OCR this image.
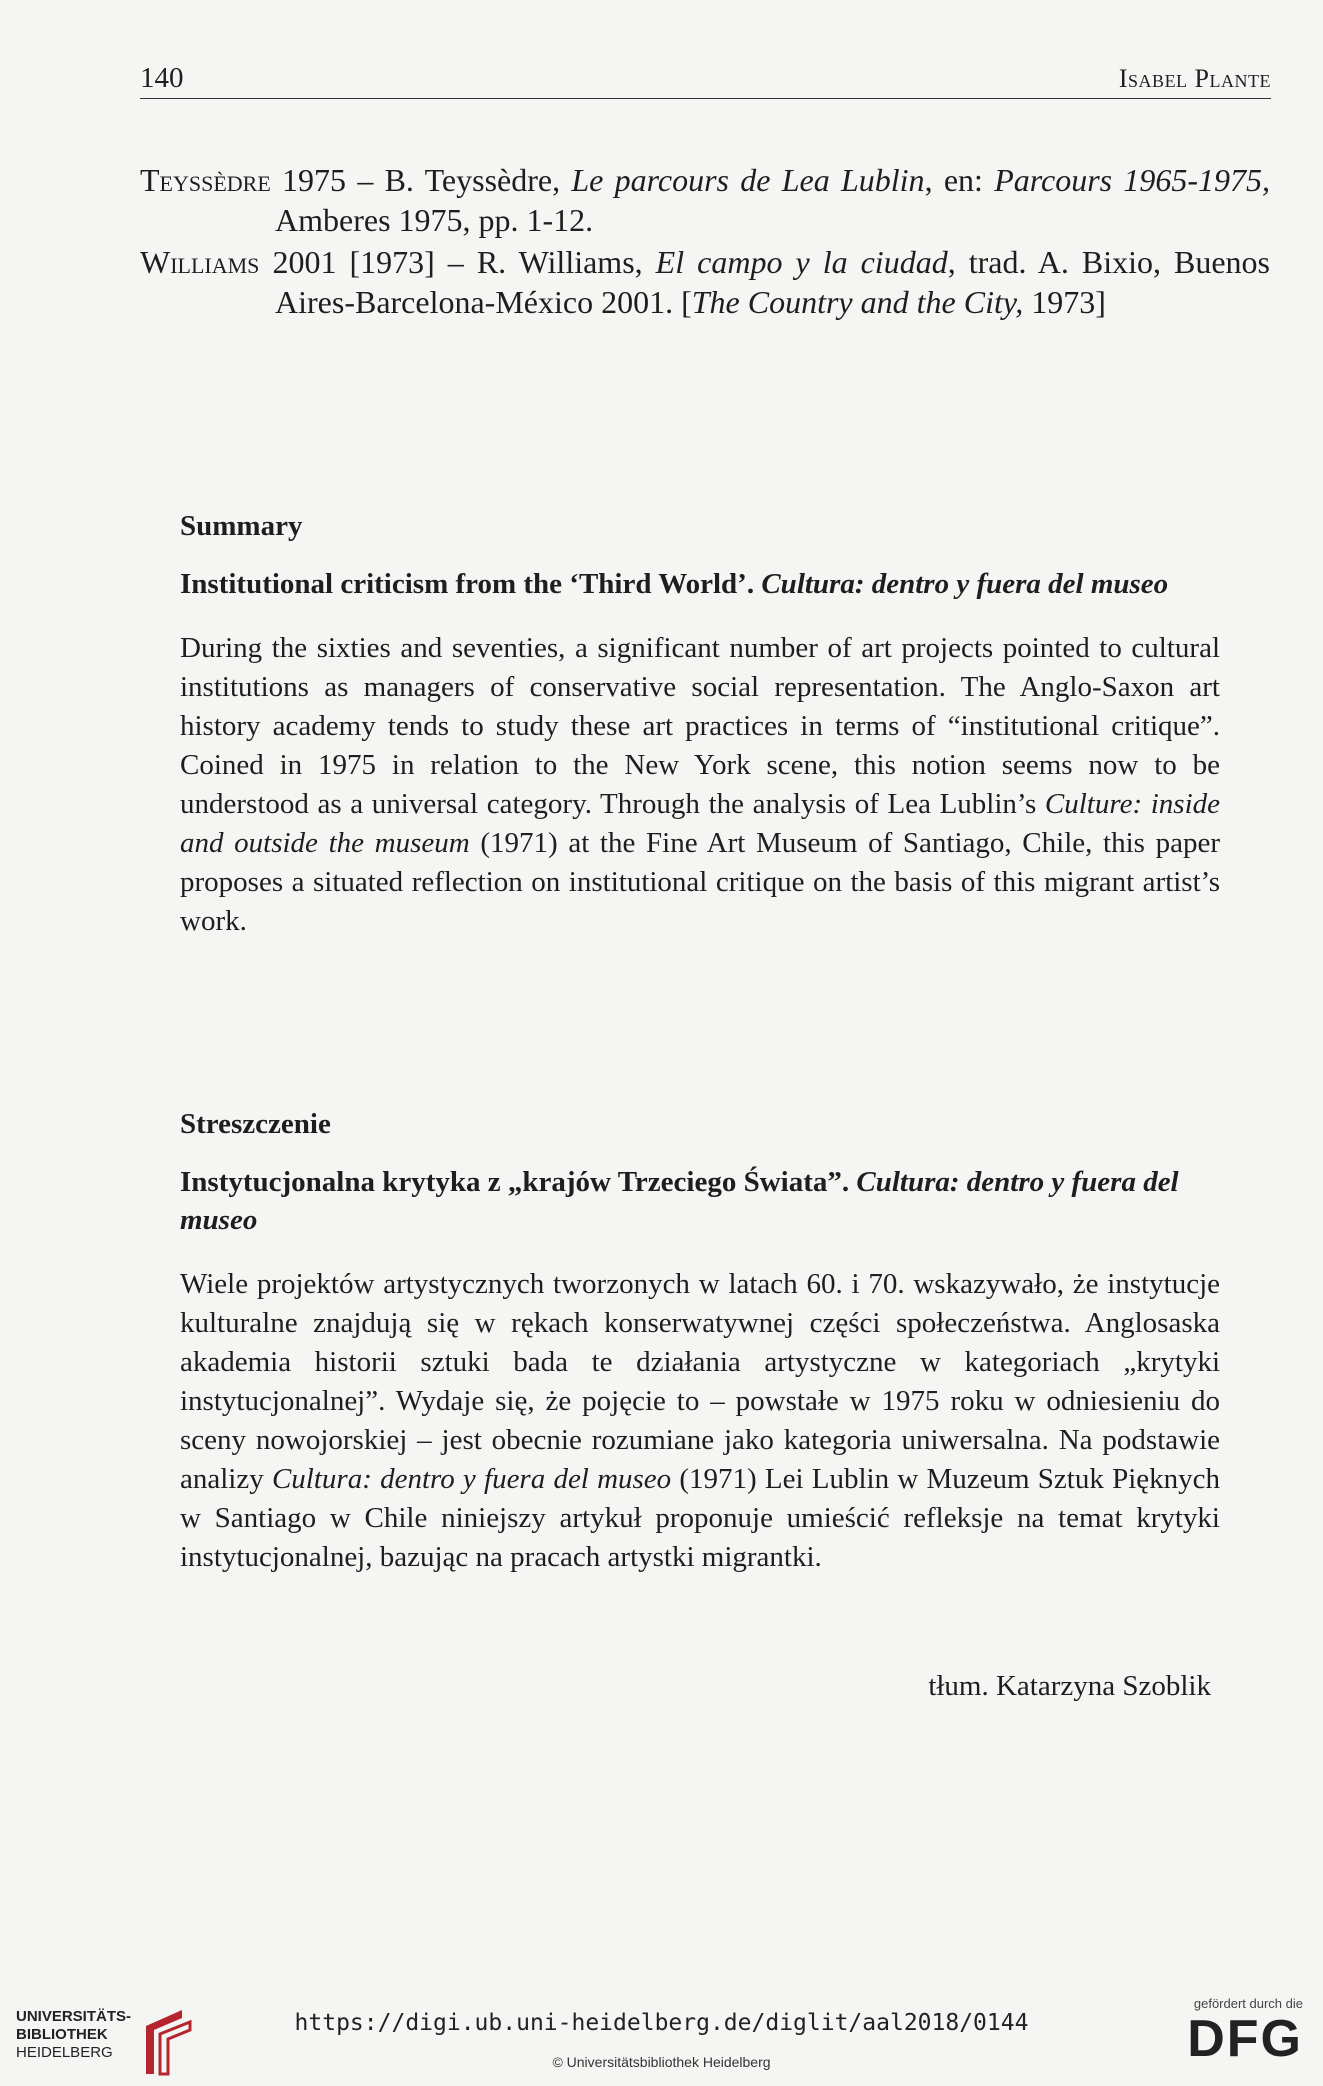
140	Isabel Plante

Teyssèdre 1975 – B. Teyssèdre, Le parcours de Lea Lublin, en: Parcours 1965-1975, Amberes 1975, pp. 1-12.

Williams 2001 [1973] – R. Williams, El campo y la ciudad, trad. A. Bixio, Buenos Aires-Barcelona-México 2001. [The Country and the City, 1973]

Summary
Institutional criticism from the ‘Third World’. Cultura: dentro y fuera del museo

During the sixties and seventies, a significant number of art projects pointed to cultural institutions as managers of conservative social representation. The Anglo-Saxon art history academy tends to study these art practices in terms of “institutional critique”. Coined in 1975 in relation to the New York scene, this notion seems now to be understood as a universal category. Through the analysis of Lea Lublin’s Culture: inside and outside the museum (1971) at the Fine Art Museum of Santiago, Chile, this paper proposes a situated reflection on institutional critique on the basis of this migrant artist’s work.

Streszczenie
Instytucjonalna krytyka z „krajów Trzeciego Świata”. Cultura: dentro y fuera del museo

Wiele projektów artystycznych tworzonych w latach 60. i 70. wskazywało, że instytucje kulturalne znajdują się w rękach konserwatywnej części społeczeństwa. Anglosaska akademia historii sztuki bada te działania artystyczne w kategoriach „krytyki instytucjonalnej”. Wydaje się, że pojęcie to – powstałe w 1975 roku w odniesieniu do sceny nowojorskiej – jest obecnie rozumiane jako kategoria uniwersalna. Na podstawie analizy Cultura: dentro y fuera del museo (1971) Lei Lublin w Muzeum Sztuk Pięknych w Santiago w Chile niniejszy artykuł proponuje umieścić refleksje na temat krytyki instytucjonalnej, bazując na pracach artystki migrantki.

tłum. Katarzyna Szoblik
UNIVERSITÄTS-
BIBLIOTHEK
HEIDELBERG
https://digi.ub.uni-heidelberg.de/diglit/aal2018/0144
© Universitätsbibliothek Heidelberg
gefördert durch die
DFG
